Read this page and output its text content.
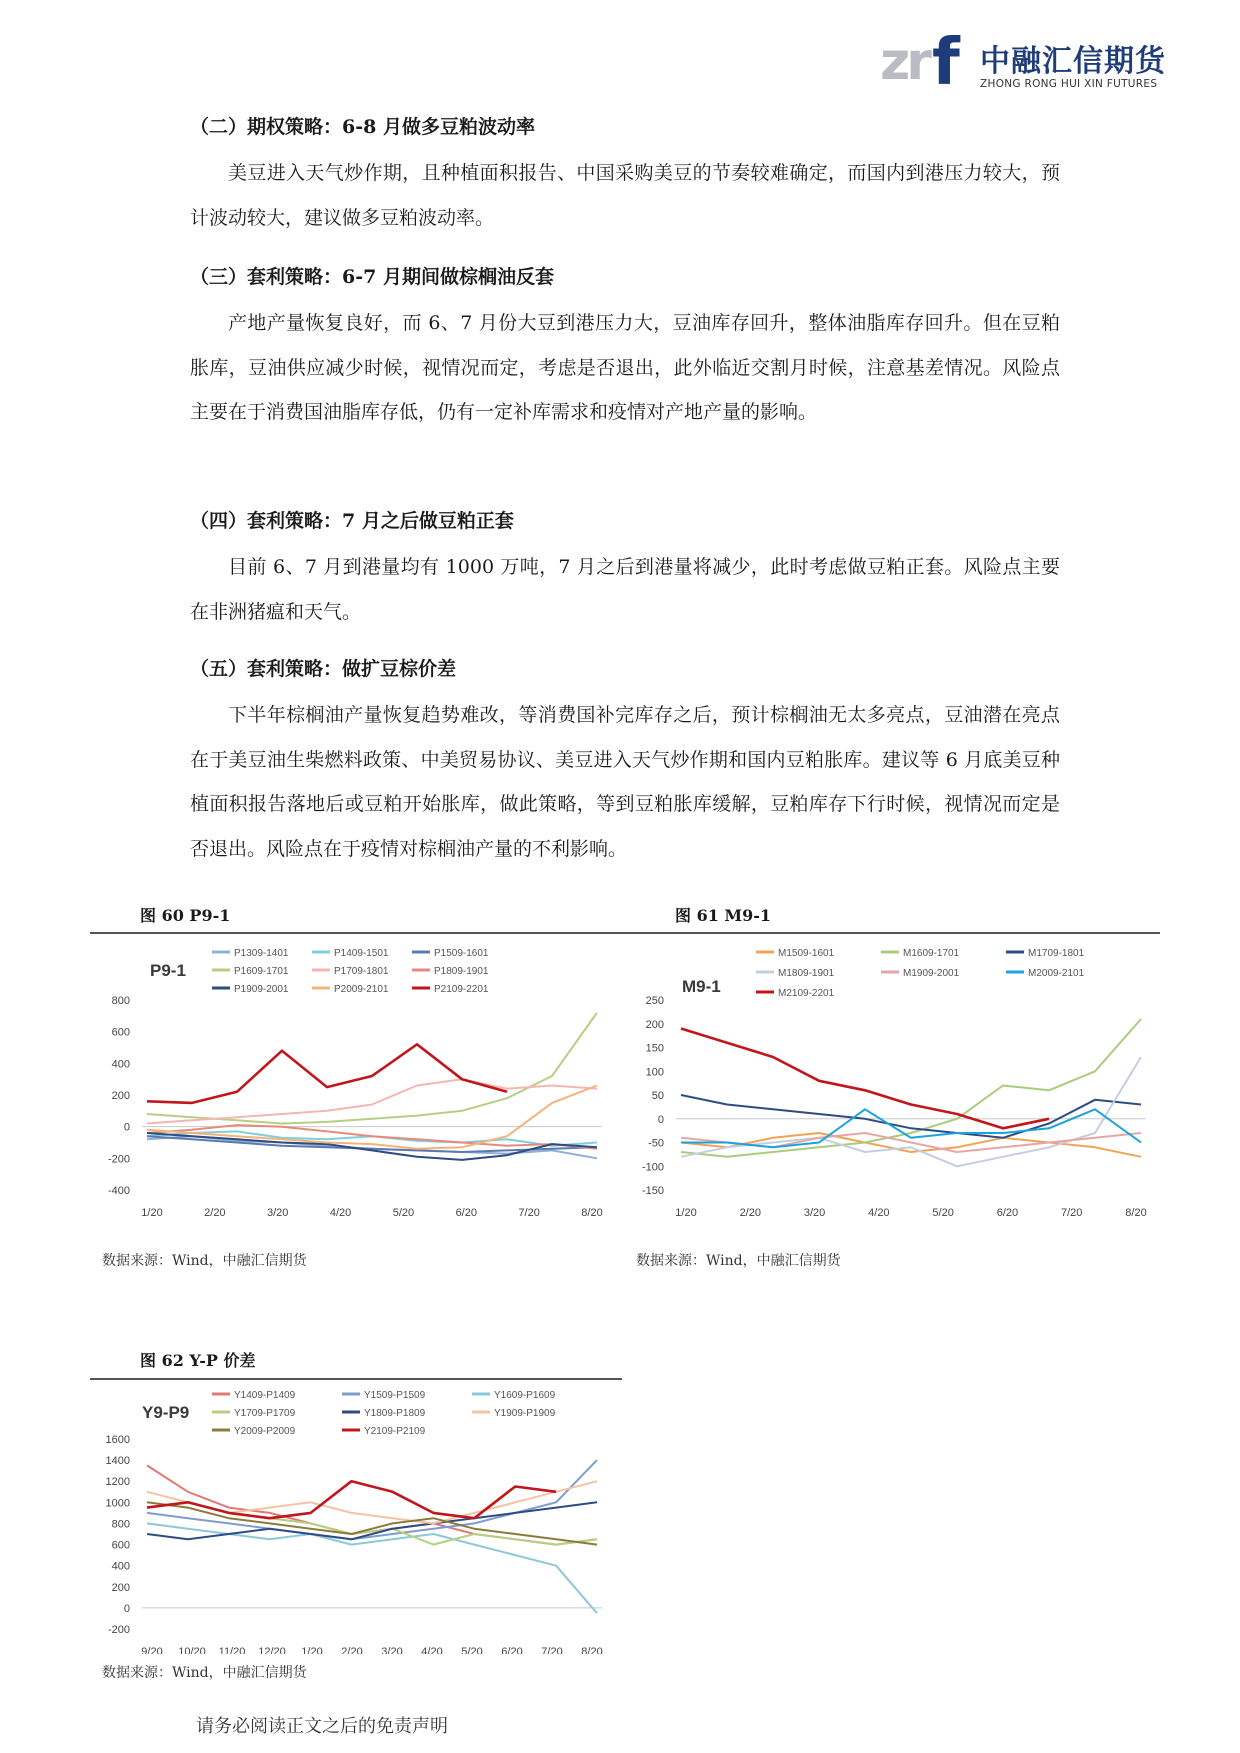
zr f 中融汇信期货
ZHONG RONG HUI XIN FUTURES
（二）期权策略：6-8 月做多豆粕波动率
美豆进入天气炒作期，且种植面积报告、中国采购美豆的节奏较难确定，而国内到港压力较大，预计波动较大，建议做多豆粕波动率。
（三）套利策略：6-7 月期间做棕榈油反套
产地产量恢复良好，而 6、7 月份大豆到港压力大，豆油库存回升，整体油脂库存回升。但在豆粕胀库，豆油供应减少时候，视情况而定，考虑是否退出，此外临近交割月时候，注意基差情况。风险点主要在于消费国油脂库存低，仍有一定补库需求和疫情对产地产量的影响。
（四）套利策略：7 月之后做豆粕正套
目前 6、7 月到港量均有 1000 万吨，7 月之后到港量将减少，此时考虑做豆粕正套。风险点主要在非洲猪瘟和天气。
（五）套利策略：做扩豆棕价差
下半年棕榈油产量恢复趋势难改，等消费国补完库存之后，预计棕榈油无太多亮点，豆油潜在亮点在于美豆油生柴燃料政策、中美贸易协议、美豆进入天气炒作期和国内豆粕胀库。建议等 6 月底美豆种植面积报告落地后或豆粕开始胀库，做此策略，等到豆粕胀库缓解，豆粕库存下行时候，视情况而定是否退出。风险点在于疫情对棕榈油产量的不利影响。
图 60 P9-1
P9-1
800
600
400
200
0
-200
-400
1/20	2/20	3/20	4/20	5/20	6/20	7/20	8/20
P1309-1401	P1409-1501	P1509-1601
P1609-1701	P1709-1801	P1809-1901
P1909-2001	P2009-2101	P2109-2201
数据来源：Wind，中融汇信期货
图 61 M9-1
M9-1
250
200
150
100
50
0
-50
-100
-150
1/20	2/20	3/20	4/20	5/20	6/20	7/20	8/20
M1509-1601	M1609-1701	M1709-1801
M1809-1901	M1909-2001	M2009-2101
M2109-2201
数据来源：Wind，中融汇信期货
图 62 Y-P 价差
Y9-P9
1600
1400
1200
1000
800
600
400
200
0
-200
9/20 10/20 11/20 12/20 1/20 2/20 3/20 4/20 5/20 6/20 7/20 8/20
Y1409-P1409	Y1509-P1509	Y1609-P1609
Y1709-P1709	Y1809-P1809	Y1909-P1909
Y2009-P2009	Y2109-P2109
数据来源：Wind，中融汇信期货
请务必阅读正文之后的免责声明
